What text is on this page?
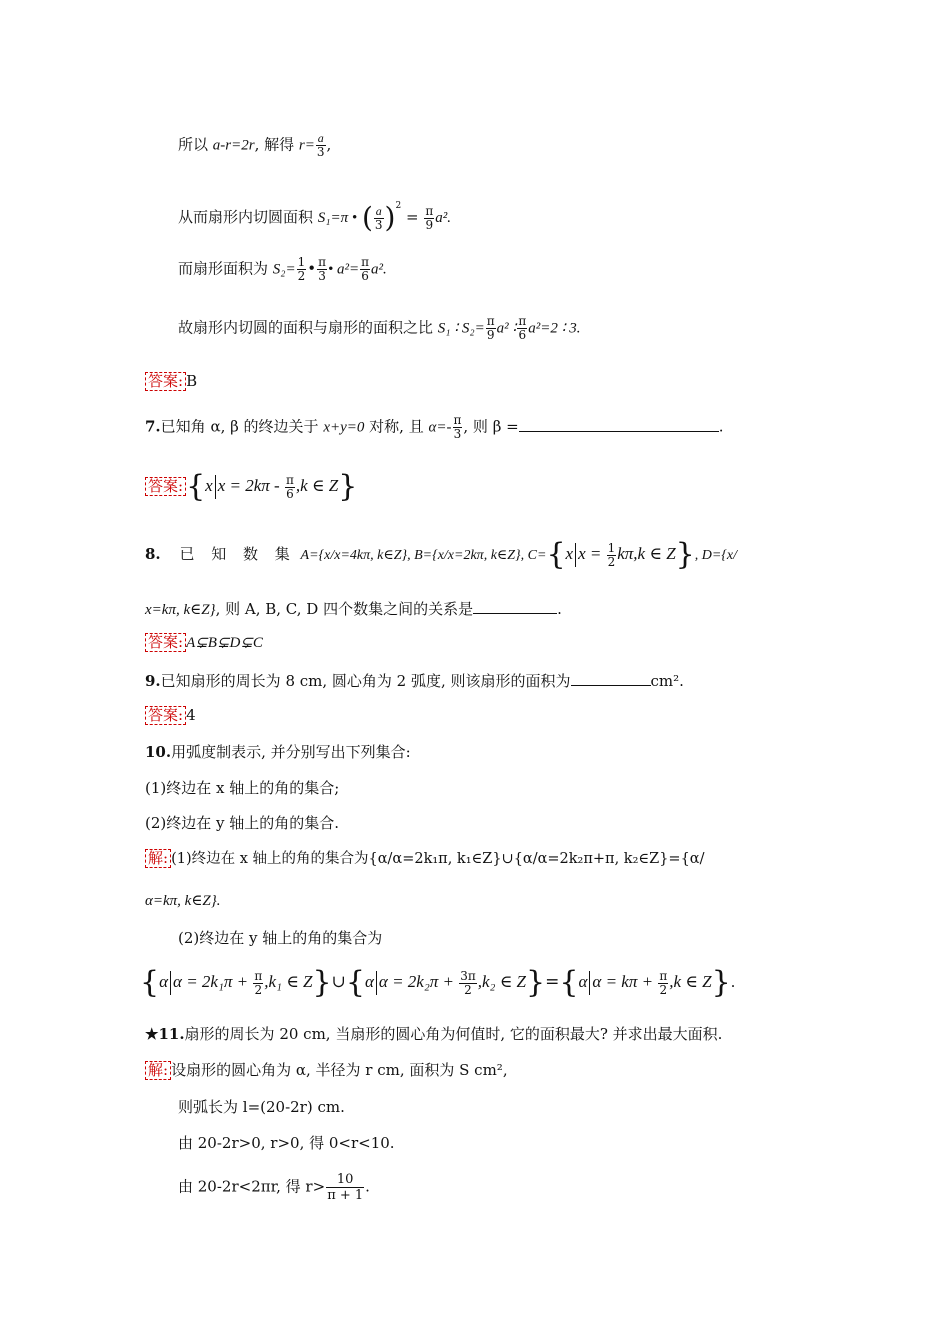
所以 a-r=2r, 解得 $r= \frac{a}{3}$ ,
从而扇形内切圆面积 S₁=π • ( $\frac{a}{3} )^2 = \frac{\pi}{9} a^2$.
而扇形面积为 $S_2= \frac{1}{2}$ • $\frac{\pi}{3}$ • $a^2= \frac{\pi}{6} a^2$.
故扇形内切圆的面积与扇形的面积之比 S₁ ∶ $S_2= \frac{\pi}{9} a^2$ ∶ $\frac{\pi}{6} a^2=2$ ∶ 3.
答案: B
7.已知角 α, β 的终边关于 x+y=0 对称, 且 $\alpha=- \frac{\pi}{3}$ , 则 β =	.
答案: {x $x = 2k\pi - \frac{\pi}{6} ,k$ ∈ Z}
8. 已 知 数 集 A={x/x=4kπ, k∈Z}, B={x/x=2kπ, k∈Z}, C={x $x = \frac{1}{2} k\pi,k$ ∈ Z}, D={x/
x=kπ, k∈Z}, 则 A, B, C, D 四个数集之间的关系是	.
答案: A⊊B⊊D⊊C
9.已知扇形的周长为 8 cm, 圆心角为 2 弧度, 则该扇形的面积为	cm².
答案: 4
10.用弧度制表示, 并分别写出下列集合:
(1)终边在 x 轴上的角的集合;
(2)终边在 y 轴上的角的集合.
解: (1)终边在 x 轴上的角的集合为{α/α=2k₁π, k₁∈Z}∪{α/α=2k₂π+π, k₂∈Z}={α/
α=kπ, k∈Z}.
(2)终边在 y 轴上的角的集合为
{α $\alpha = 2k_1\pi + \frac{\pi}{2} ,k_1$ ∈ Z}∪{α $\alpha = 2k_2\pi + \frac{3\pi}{2} ,k_2$ ∈ Z}={α $\alpha = k\pi + \frac{\pi}{2} ,k$ ∈ Z}.
★11.扇形的周长为 20 cm, 当扇形的圆心角为何值时, 它的面积最大? 并求出最大面积.
解: 设扇形的圆心角为 α, 半径为 r cm, 面积为 S cm²,
则弧长为 l=(20-2r) cm.
由 20-2r>0, r>0, 得 0<r<10.
由 20-2r<2πr, 得 $r> \frac{10}{\pi + 1}$ .
